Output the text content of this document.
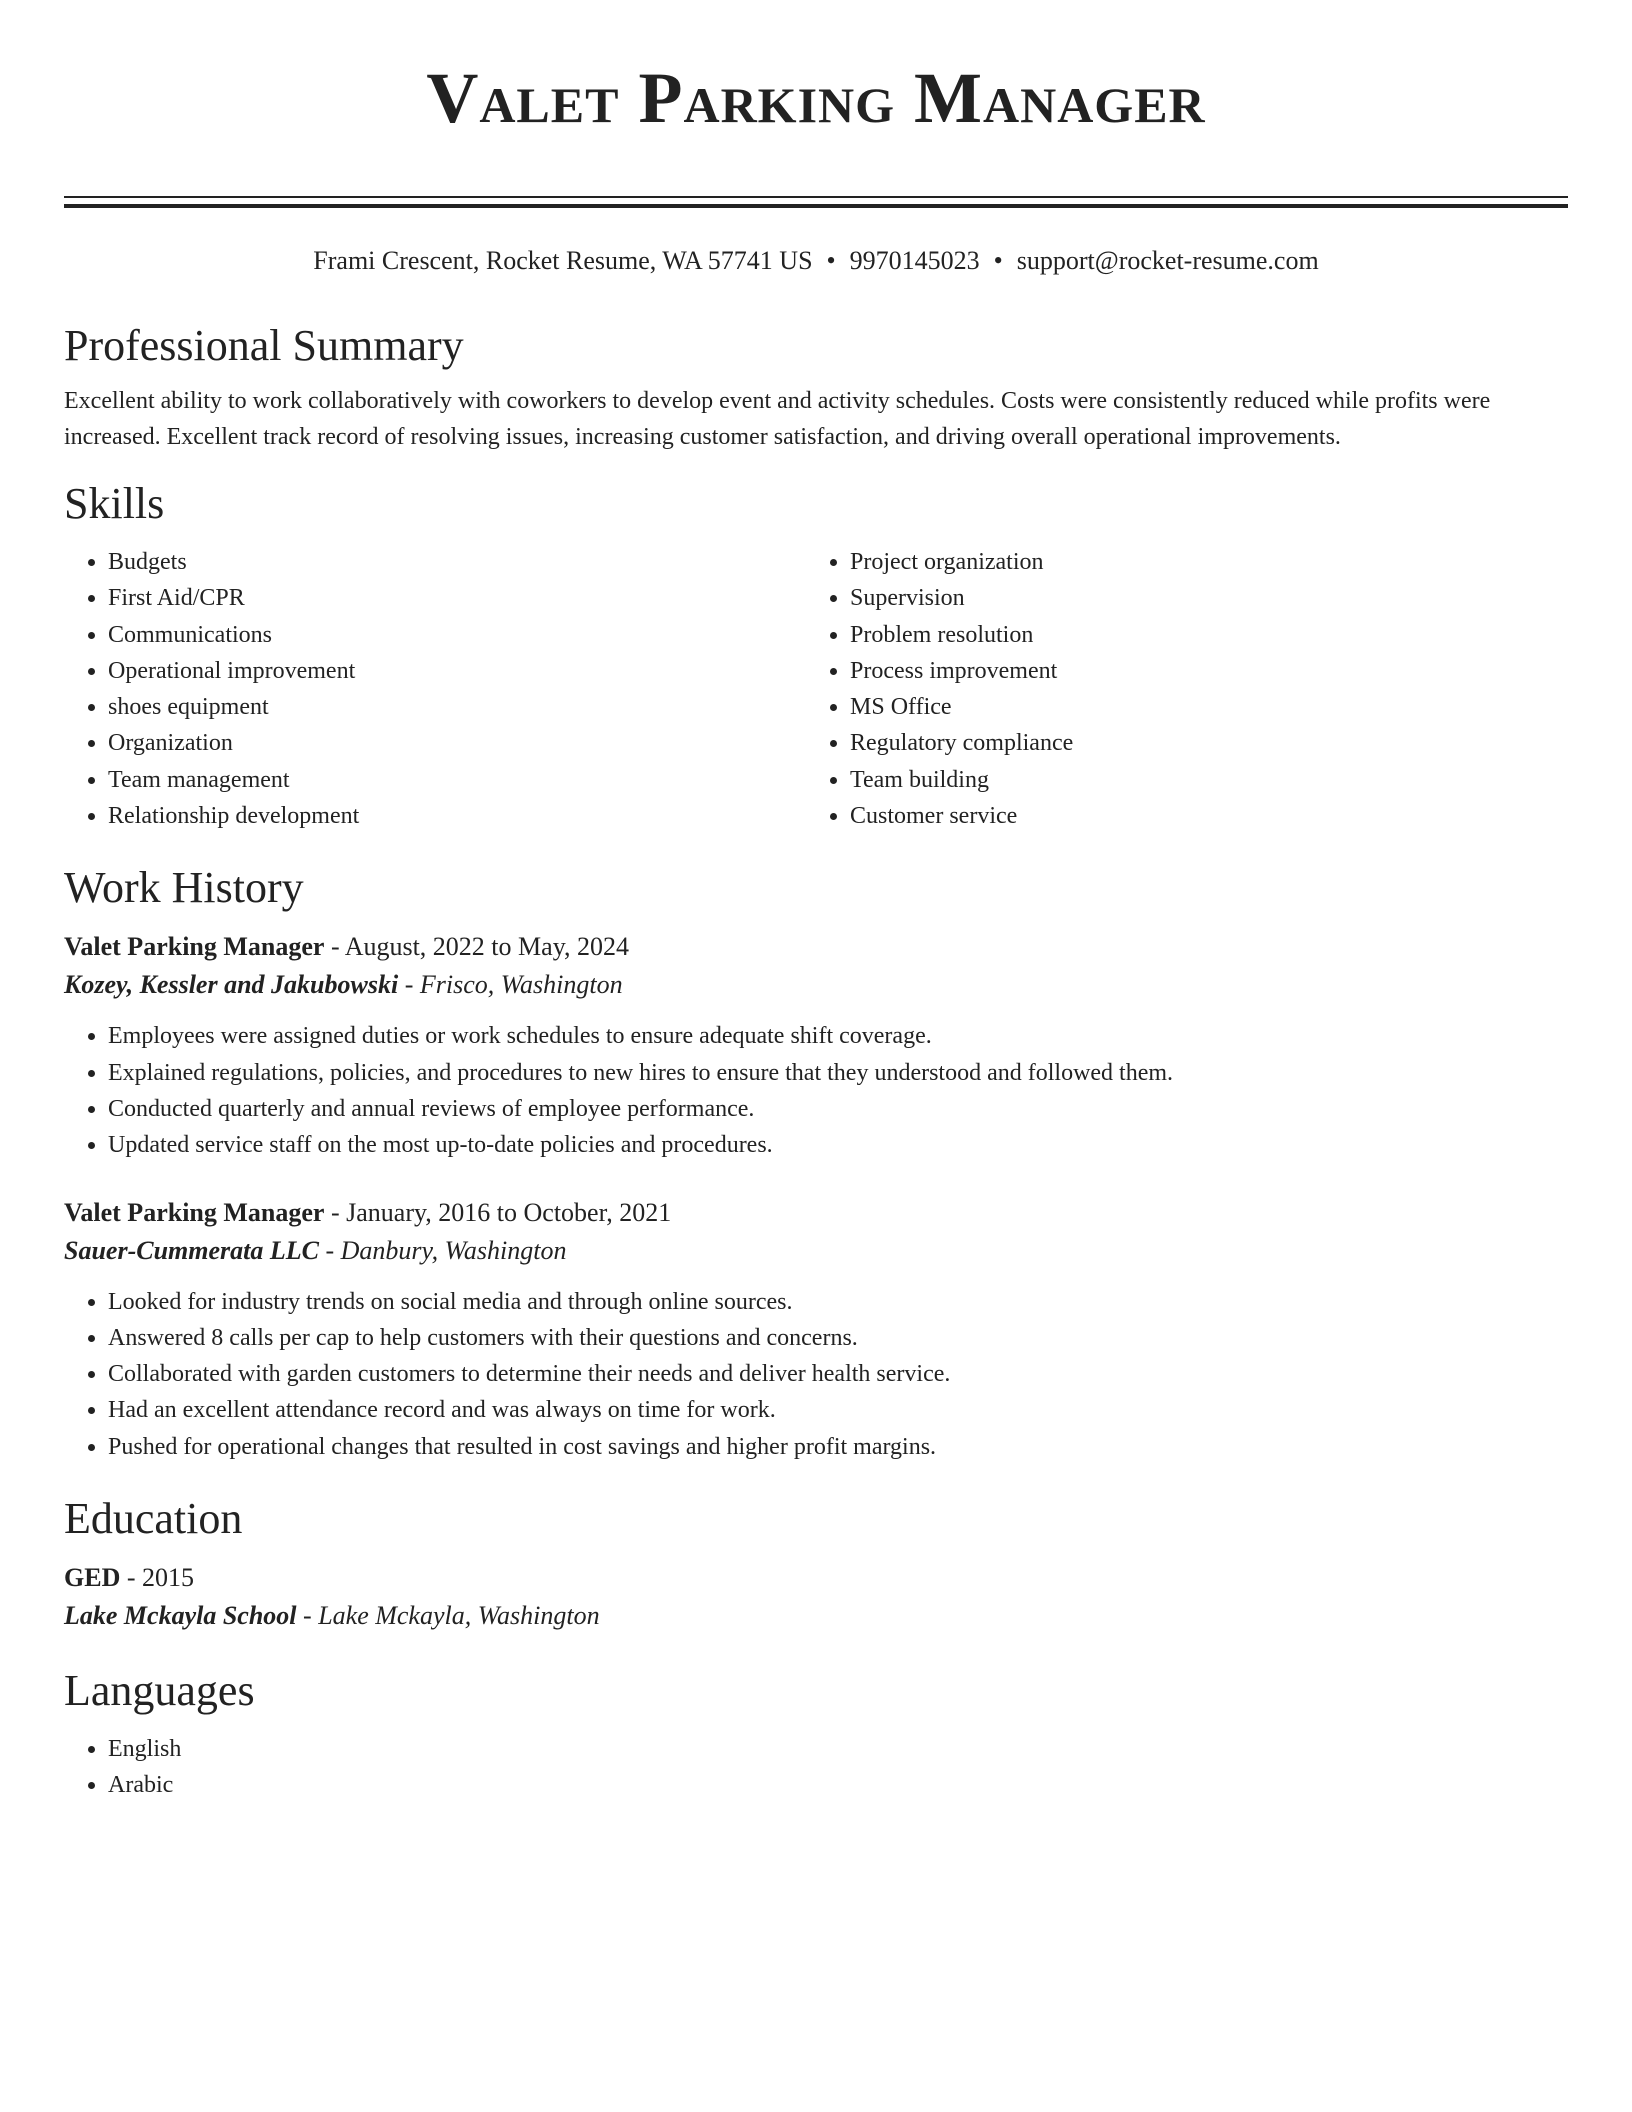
Valet Parking Manager
Frami Crescent, Rocket Resume, WA 57741 US • 9970145023 • support@rocket-resume.com
Professional Summary

Excellent ability to work collaboratively with coworkers to develop event and activity schedules. Costs were consistently reduced while profits were increased. Excellent track record of resolving issues, increasing customer satisfaction, and driving overall operational improvements.

Skills
• Budgets
• First Aid/CPR
• Communications
• Operational improvement
• shoes equipment
• Organization
• Team management
• Relationship development
• Project organization
• Supervision
• Problem resolution
• Process improvement
• MS Office
• Regulatory compliance
• Team building
• Customer service
Work History

Valet Parking Manager - August, 2022 to May, 2024

Kozey, Kessler and Jakubowski - Frisco, Washington

• Employees were assigned duties or work schedules to ensure adequate shift coverage.
• Explained regulations, policies, and procedures to new hires to ensure that they understood and followed them.
• Conducted quarterly and annual reviews of employee performance.
• Updated service staff on the most up-to-date policies and procedures.

Valet Parking Manager - January, 2016 to October, 2021

Sauer-Cummerata LLC - Danbury, Washington

• Looked for industry trends on social media and through online sources.
• Answered 8 calls per cap to help customers with their questions and concerns.
• Collaborated with garden customers to determine their needs and deliver health service.
• Had an excellent attendance record and was always on time for work.
• Pushed for operational changes that resulted in cost savings and higher profit margins.
Education

GED - 2015

Lake Mckayla School - Lake Mckayla, Washington

Languages
• English
• Arabic
